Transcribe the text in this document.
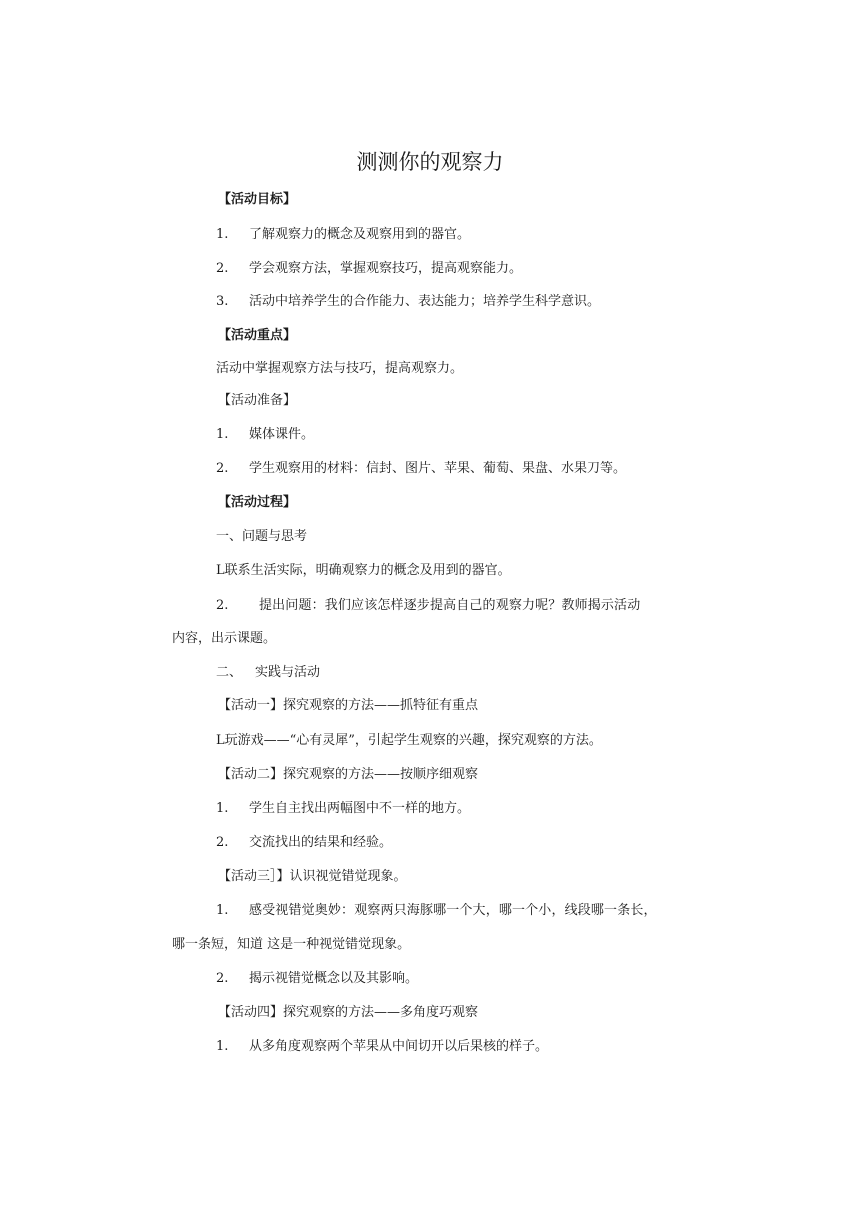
测测你的观察力
【活动目标】
1. 了解观察力的概念及观察用到的器官。
2. 学会观察方法，掌握观察技巧，提高观察能力。
3. 活动中培养学生的合作能力、表达能力；培养学生科学意识。
【活动重点】
活动中掌握观察方法与技巧，提高观察力。
【活动准备】
1. 媒体课件。
2. 学生观察用的材料：信封、图片、苹果、葡萄、果盘、水果刀等。
【活动过程】
一、问题与思考
L联系生活实际，明确观察力的概念及用到的器官。
2. 提出问题：我们应该怎样逐步提高自己的观察力呢？教师揭示活动
内容，出示课题。
二、 实践与活动
【活动一】探究观察的方法——抓特征有重点
L玩游戏——“心有灵犀”，引起学生观察的兴趣，探究观察的方法。
【活动二】探究观察的方法——按顺序细观察
1. 学生自主找出两幅图中不一样的地方。
2. 交流找出的结果和经验。
【活动三］】认识视觉错觉现象。
1. 感受视错觉奥妙：观察两只海豚哪一个大，哪一个小，线段哪一条长，
哪一条短，知道 这是一种视觉错觉现象。
2. 揭示视错觉概念以及其影响。
【活动四】探究观察的方法——多角度巧观察
1. 从多角度观察两个苹果从中间切开以后果核的样子。
